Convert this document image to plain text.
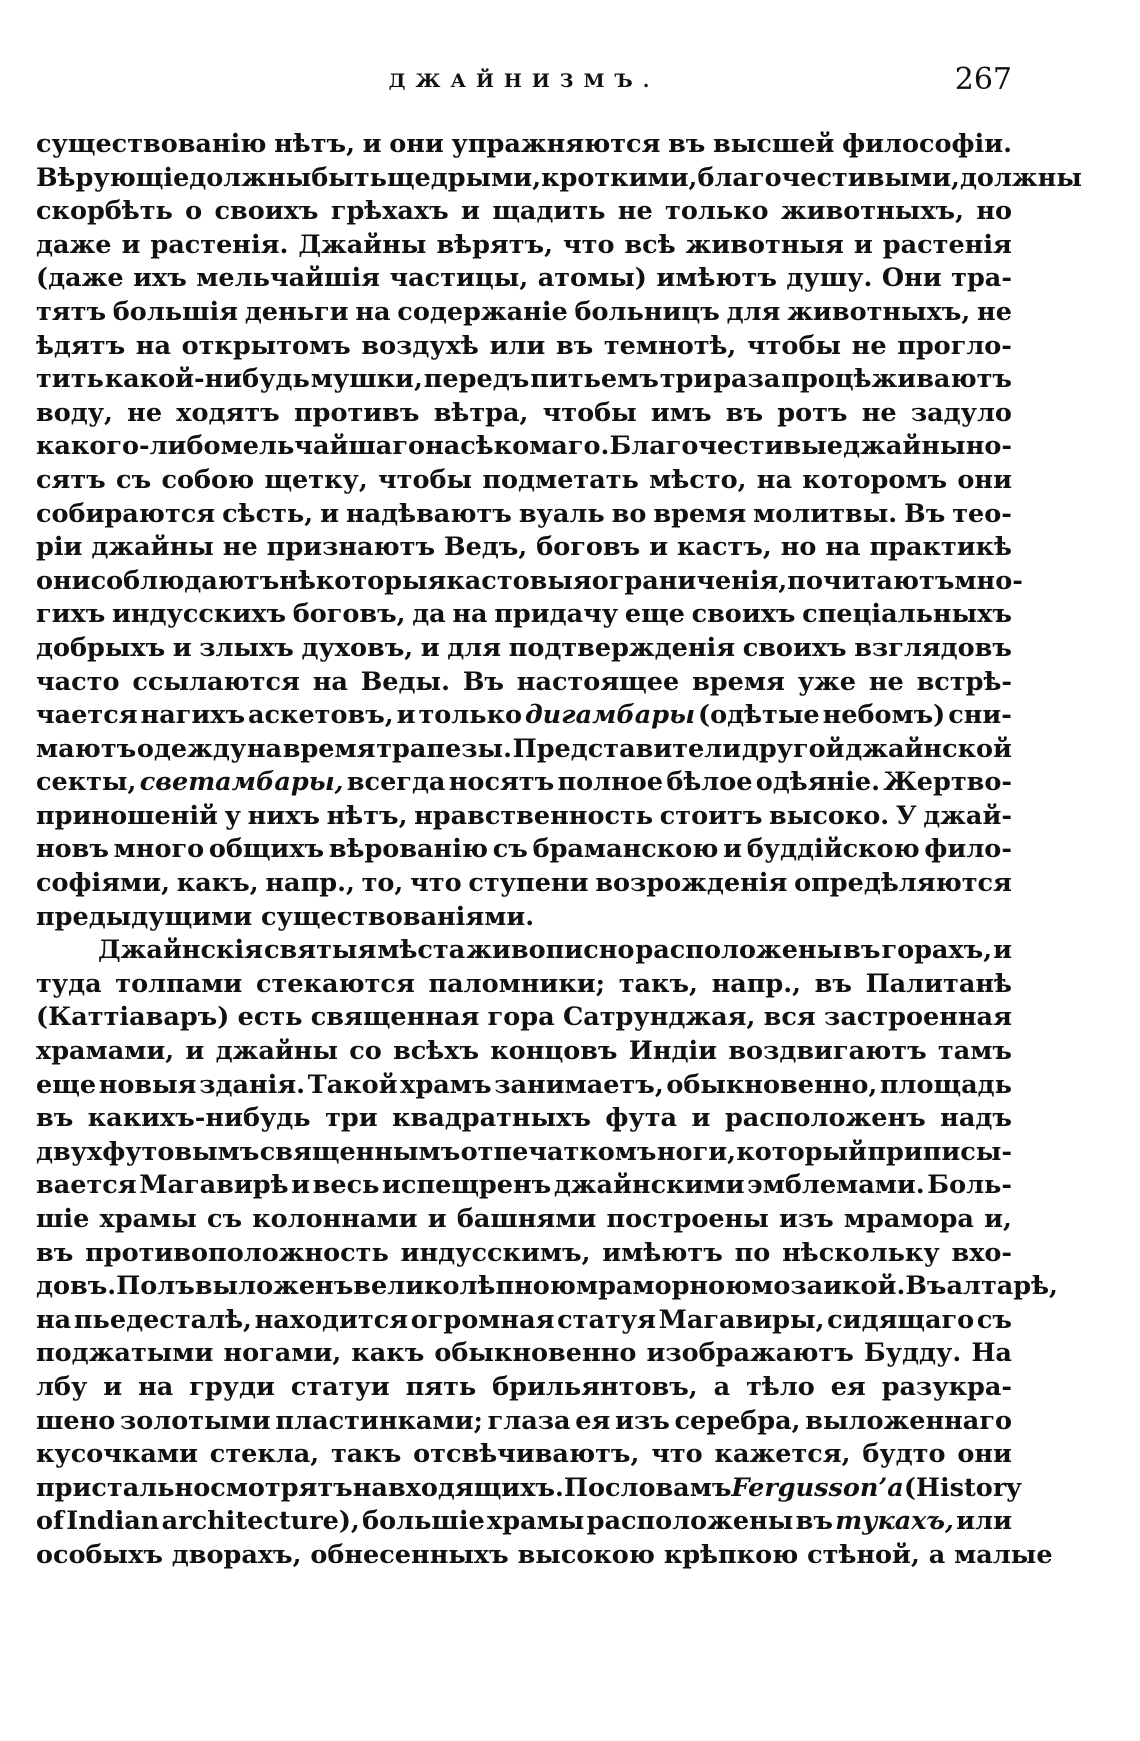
ДЖАЙНИЗМЪ.	267
существованію нѣтъ, и они упражняются въ высшей философіи.
Вѣрующіе должны быть щедрыми, кроткими, благочестивыми, должны
скорбѣть о своихъ грѣхахъ и щадить не только животныхъ, но
даже и растенія. Джайны вѣрятъ, что всѣ животныя и растенія
(даже ихъ мельчайшія частицы, атомы) имѣютъ душу. Они тра-
тятъ большія деньги на содержаніе больницъ для животныхъ, не
ѣдятъ на открытомъ воздухѣ или въ темнотѣ, чтобы не прогло-
тить какой-нибудь мушки, передъ питьемъ три раза процѣживаютъ
воду, не ходятъ противъ вѣтра, чтобы имъ въ ротъ не задуло
какого-либо мельчайшаго насѣкомаго. Благочестивые джайны но-
сятъ съ собою щетку, чтобы подметать мѣсто, на которомъ они
собираются сѣсть, и надѣваютъ вуаль во время молитвы. Въ тео-
ріи джайны не признаютъ Ведъ, боговъ и кастъ, но на практикѣ
они соблюдаютъ нѣкоторыя кастовыя ограниченія, почитаютъ мно-
гихъ индусскихъ боговъ, да на придачу еще своихъ спеціальныхъ
добрыхъ и злыхъ духовъ, и для подтвержденія своихъ взглядовъ
часто ссылаются на Веды. Въ настоящее время уже не встрѣ-
чается нагихъ аскетовъ, и только дигамбары (одѣтые небомъ) сни-
маютъ одежду на время трапезы. Представители другой джайнской
секты, светамбары, всегда носятъ полное бѣлое одѣяніе. Жертво-
приношеній у нихъ нѣтъ, нравственность стоитъ высоко. У джай-
новъ много общихъ вѣрованію съ браманскою и буддійскою фило-
софіями, какъ, напр., то, что ступени возрожденія опредѣляются
предыдущими существованіями.
Джайнскія святыя мѣста живописно расположены въ горахъ, и
туда толпами стекаются паломники; такъ, напр., въ Палитанѣ
(Каттіаваръ) есть священная гора Сатрунджая, вся застроенная
храмами, и джайны со всѣхъ концовъ Индіи воздвигаютъ тамъ
еще новыя зданія. Такой храмъ занимаетъ, обыкновенно, площадь
въ какихъ-нибудь три квадратныхъ фута и расположенъ надъ
двухфутовымъ священнымъ отпечаткомъ ноги, который приписы-
вается Магавирѣ и весь испещренъ джайнскими эмблемами. Боль-
шіе храмы съ колоннами и башнями построены изъ мрамора и,
въ противоположность индусскимъ, имѣютъ по нѣскольку вхо-
довъ. Полъ выложенъ великолѣпною мраморною мозаикой. Въ алтарѣ,
на пьедесталѣ, находится огромная статуя Магавиры, сидящаго съ
поджатыми ногами, какъ обыкновенно изображаютъ Будду. На
лбу и на груди статуи пять брильянтовъ, а тѣло ея разукра-
шено золотыми пластинками; глаза ея изъ серебра, выложеннаго
кусочками стекла, такъ отсвѣчиваютъ, что кажется, будто они
пристально смотрятъ на входящихъ. По словамъ Fergusson’а (History
of Indian architecture), большіе храмы расположены въ тукахъ, или
особыхъ дворахъ, обнесенныхъ высокою крѣпкою стѣной, а малые
